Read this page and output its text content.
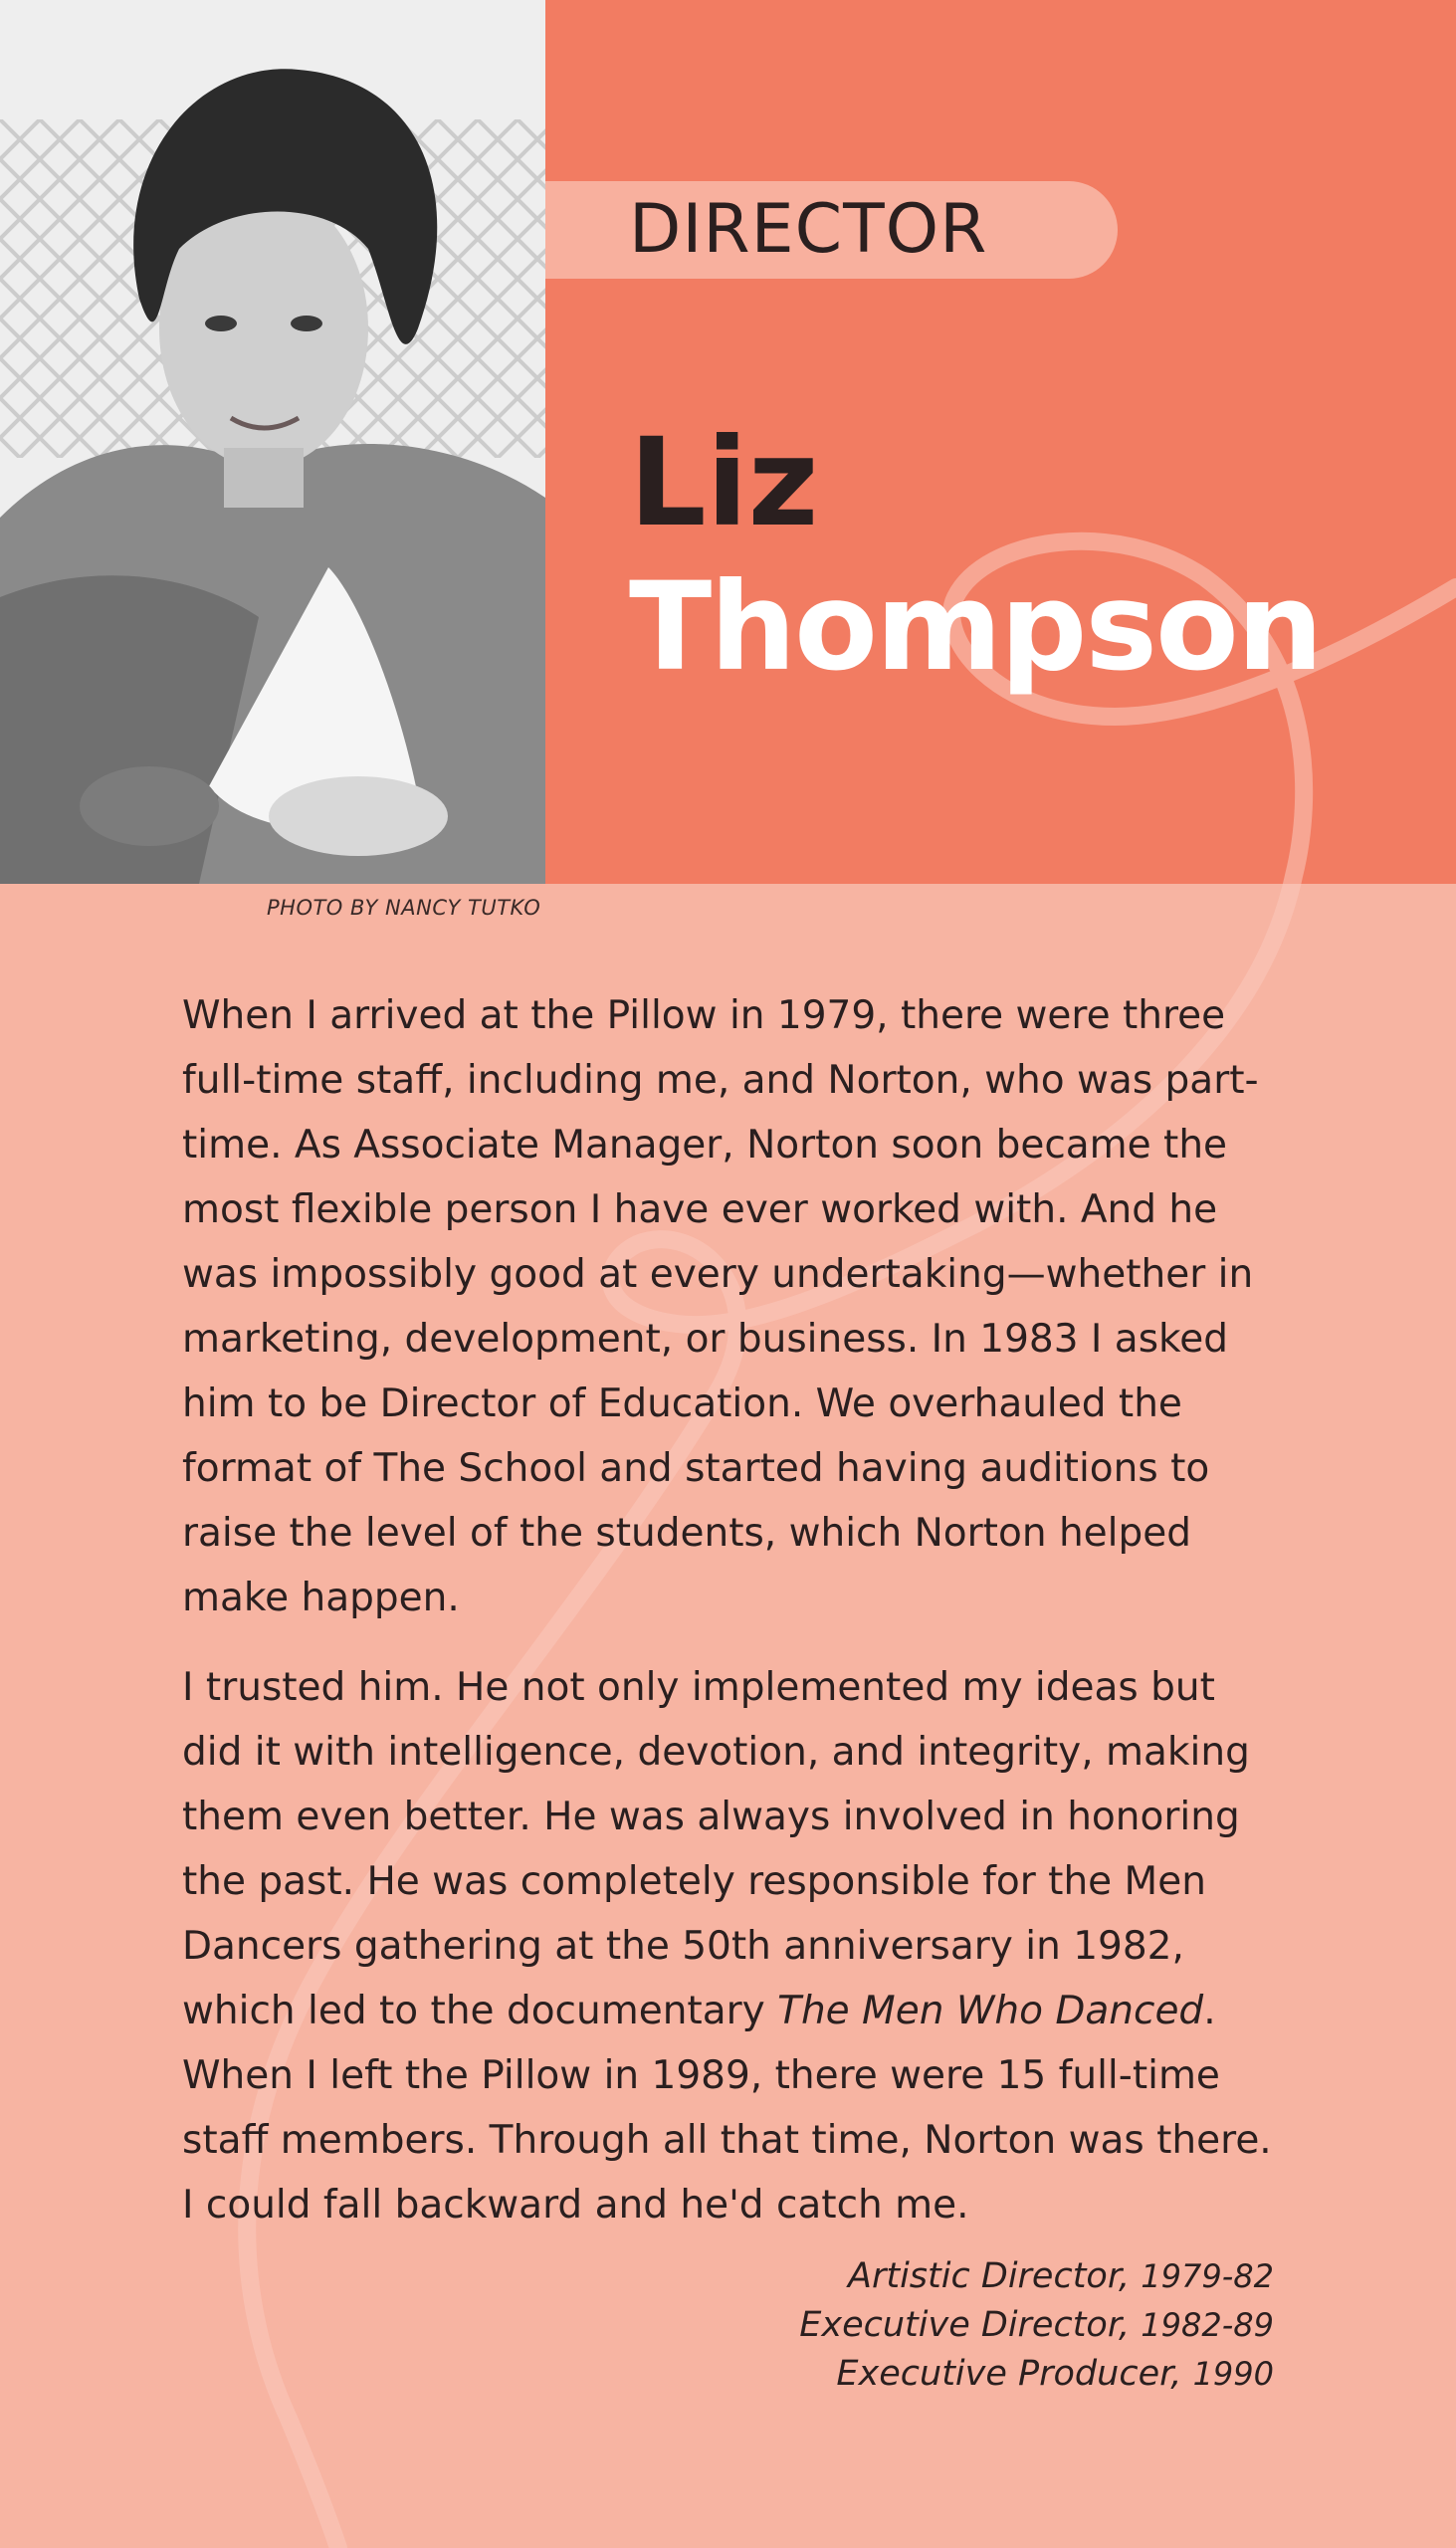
PHOTO BY NANCY TUTKO
DIRECTOR
Liz
Thompson

When I arrived at the Pillow in 1979, there were three full-time staff, including me, and Norton, who was part-time. As Associate Manager, Norton soon became the most flexible person I have ever worked with. And he was impossibly good at every undertaking—whether in marketing, development, or business. In 1983 I asked him to be Director of Education. We overhauled the format of The School and started having auditions to raise the level of the students, which Norton helped make happen.

I trusted him. He not only implemented my ideas but did it with intelligence, devotion, and integrity, making them even better. He was always involved in honoring the past. He was completely responsible for the Men Dancers gathering at the 50th anniversary in 1982, which led to the documentary The Men Who Danced. When I left the Pillow in 1989, there were 15 full-time staff members. Through all that time, Norton was there. I could fall backward and he'd catch me.

Artistic Director, 1979-82
Executive Director, 1982-89
Executive Producer, 1990
